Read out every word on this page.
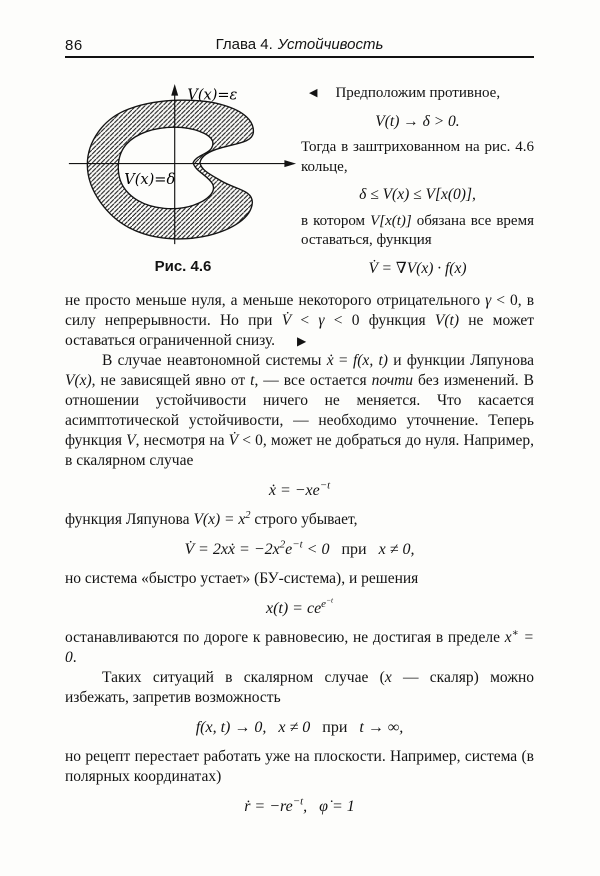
86	Глава 4. Устойчивость
V(x)=ε
V(x)=δ
Рис. 4.6

◀ Предположим противное,

V(t) → δ > 0.

Тогда в заштрихованном на рис. 4.6 кольце,

δ ≤ V(x) ≤ V[x(0)],

в котором V[x(t)] обязана все время оставаться, функция

V̇ = ∇V(x) · f(x)

не просто меньше нуля, а меньше некоторого отрицательного γ < 0, в силу непрерывности. Но при V̇ < γ < 0 функция V(t) не может оставаться ограниченной снизу. ▶

В случае неавтономной системы ẋ = f(x, t) и функции Ляпунова V(x), не зависящей явно от t, — все остается почти без изменений. В отношении устойчивости ничего не меняется. Что касается асимптотической устойчивости, — необходимо уточнение. Теперь функция V, несмотря на V̇ < 0, может не добраться до нуля. Например, в скалярном случае

ẋ = $-xe^{-t}$

функция Ляпунова $V(x) = x^2$ строго убывает,

V̇ = 2xẋ = $-2x^2e^{-t} < 0$   при   x ≠ 0,

но система «быстро устает» (БУ-система), и решения

$x(t) = ce^{e^{-t}}$

останавливаются по дороге к равновесию, не достигая в пределе x∗ = 0.

Таких ситуаций в скалярном случае (x — скаляр) можно избежать, запретив возможность

f(x, t) → 0,   x ≠ 0   при   t → ∞,

но рецепт перестает работать уже на плоскости. Например, система (в полярных координатах)

ṙ = $-re^{-t}$,   φ̇ = 1
